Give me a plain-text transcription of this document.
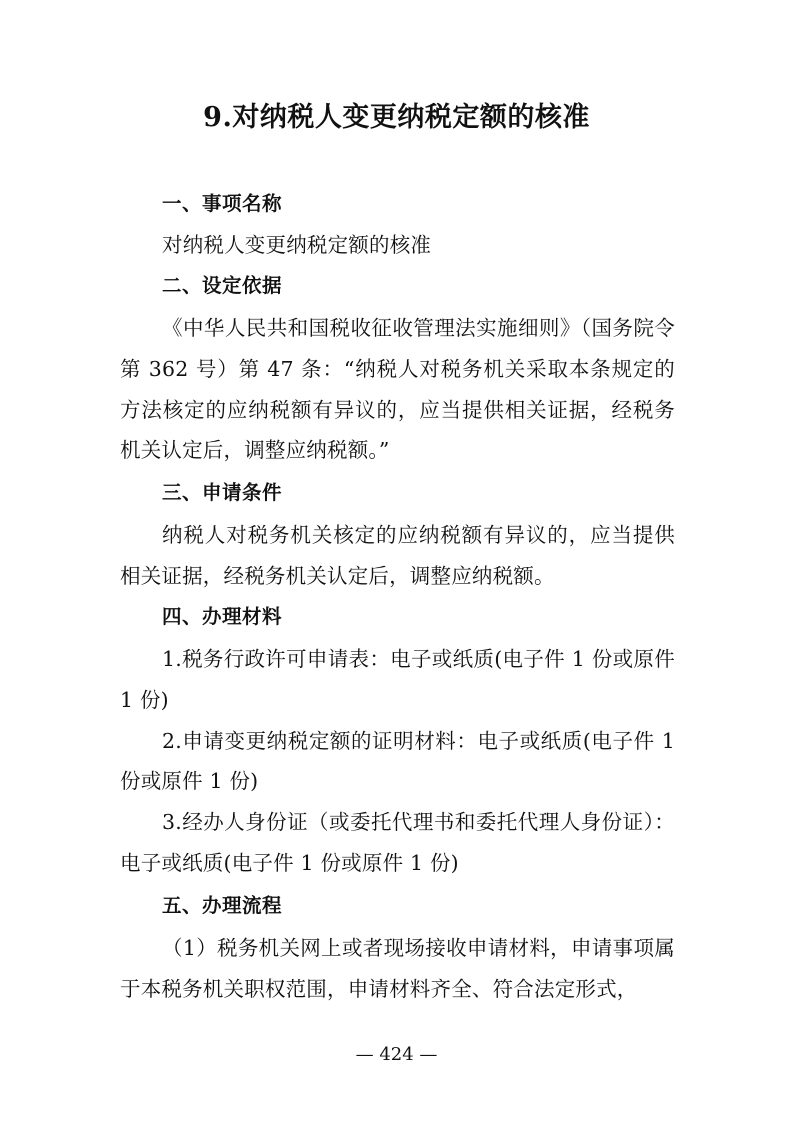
9.对纳税人变更纳税定额的核准
一、事项名称

对纳税人变更纳税定额的核准

二、设定依据

《中华人民共和国税收征收管理法实施细则》（国务院令第 362 号）第 47 条：“纳税人对税务机关采取本条规定的方法核定的应纳税额有异议的，应当提供相关证据，经税务机关认定后，调整应纳税额。”

三、申请条件

纳税人对税务机关核定的应纳税额有异议的，应当提供相关证据，经税务机关认定后，调整应纳税额。

四、办理材料

1.税务行政许可申请表：电子或纸质(电子件 1 份或原件 1 份)

2.申请变更纳税定额的证明材料：电子或纸质(电子件 1 份或原件 1 份)

3.经办人身份证（或委托代理书和委托代理人身份证）：电子或纸质(电子件 1 份或原件 1 份)

五、办理流程

（1）税务机关网上或者现场接收申请材料，申请事项属于本税务机关职权范围，申请材料齐全、符合法定形式，

— 424 —
